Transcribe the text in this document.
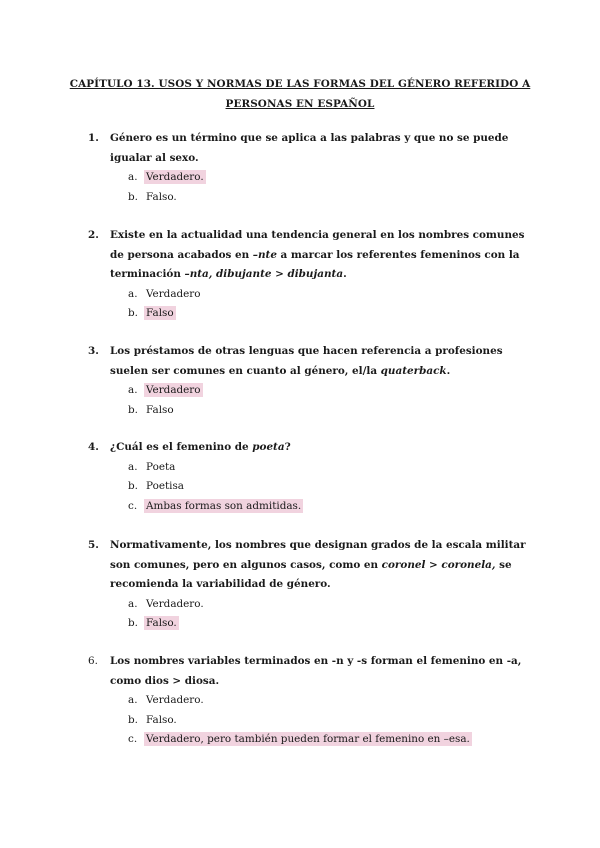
CAPÍTULO 13. USOS Y NORMAS DE LAS FORMAS DEL GÉNERO REFERIDO A
PERSONAS EN ESPAÑOL
1. Género es un término que se aplica a las palabras y que no se puede igualar al sexo.
a. Verdadero.
b. Falso.
2. Existe en la actualidad una tendencia general en los nombres comunes de persona acabados en –nte a marcar los referentes femeninos con la terminación –nta, dibujante > dibujanta.
a. Verdadero
b. Falso
3. Los préstamos de otras lenguas que hacen referencia a profesiones suelen ser comunes en cuanto al género, el/la quaterback.
a. Verdadero
b. Falso
4. ¿Cuál es el femenino de poeta?
a. Poeta
b. Poetisa
c. Ambas formas son admitidas.
5. Normativamente, los nombres que designan grados de la escala militar son comunes, pero en algunos casos, como en coronel > coronela, se recomienda la variabilidad de género.
a. Verdadero.
b. Falso.
6. Los nombres variables terminados en -n y -s forman el femenino en -a, como dios > diosa.
a. Verdadero.
b. Falso.
c. Verdadero, pero también pueden formar el femenino en –esa.
